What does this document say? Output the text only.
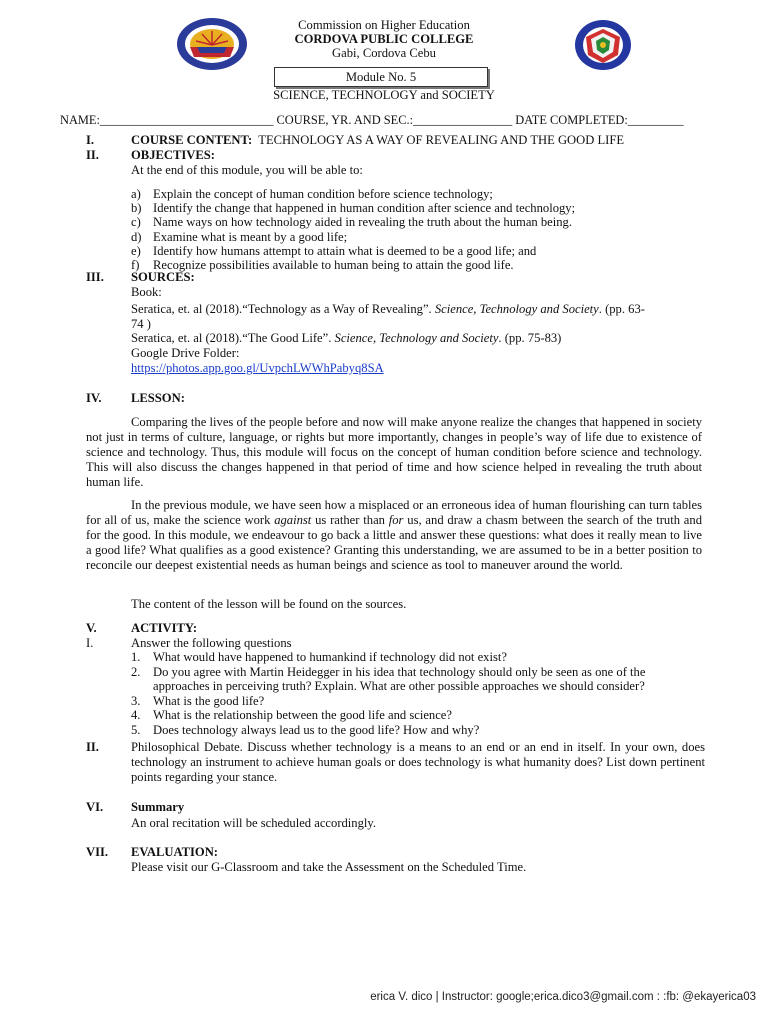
Commission on Higher Education
CORDOVA PUBLIC COLLEGE
Gabi, Cordova Cebu
Module No. 5
SCIENCE, TECHNOLOGY and SOCIETY
NAME:____________________________ COURSE, YR. AND SEC.:________________ DATE COMPLETED:_________
I.	COURSE CONTENT: TECHNOLOGY AS A WAY OF REVEALING AND THE GOOD LIFE
II.	OBJECTIVES:
At the end of this module, you will be able to:
a) Explain the concept of human condition before science technology;
b) Identify the change that happened in human condition after science and technology;
c) Name ways on how technology aided in revealing the truth about the human being.
d) Examine what is meant by a good life;
e) Identify how humans attempt to attain what is deemed to be a good life; and
f) Recognize possibilities available to human being to attain the good life.
III. SOURCES:
Book:
Seratica, et. al (2018).“Technology as a Way of Revealing”. Science, Technology and Society. (pp. 63-
74 )
Seratica, et. al (2018).“The Good Life”. Science, Technology and Society. (pp. 75-83)
Google Drive Folder:
https://photos.app.goo.gl/UvpchLWWhPabyq8SA
IV. LESSON:

Comparing the lives of the people before and now will make anyone realize the changes that happened in society not just in terms of culture, language, or rights but more importantly, changes in people’s way of life due to existence of science and technology. Thus, this module will focus on the concept of human condition before science and technology. This will also discuss the changes happened in that period of time and how science helped in revealing the truth about human life.

In the previous module, we have seen how a misplaced or an erroneous idea of human flourishing can turn tables for all of us, make the science work against us rather than for us, and draw a chasm between the search of the truth and for the good. In this module, we endeavour to go back a little and answer these questions: what does it really mean to live a good life? What qualifies as a good existence? Granting this understanding, we are assumed to be in a better position to reconcile our deepest existential needs as human beings and science as tool to maneuver around the world.

The content of the lesson will be found on the sources.
V.	ACTIVITY:
I.	Answer the following questions
1. What would have happened to humankind if technology did not exist?
2. Do you agree with Martin Heidegger in his idea that technology should only be seen as one of the
approaches in perceiving truth? Explain. What are other possible approaches we should consider?
3. What is the good life?
4. What is the relationship between the good life and science?
5. Does technology always lead us to the good life? How and why?
II.	Philosophical Debate. Discuss whether technology is a means to an end or an end in itself. In your own, does technology an instrument to achieve human goals or does technology is what humanity does? List down pertinent points regarding your stance.
VI. Summary
An oral recitation will be scheduled accordingly.
VII. EVALUATION:
Please visit our G-Classroom and take the Assessment on the Scheduled Time.
erica V. dico | Instructor: google;erica.dico3@gmail.com : :fb: @ekayerica03
